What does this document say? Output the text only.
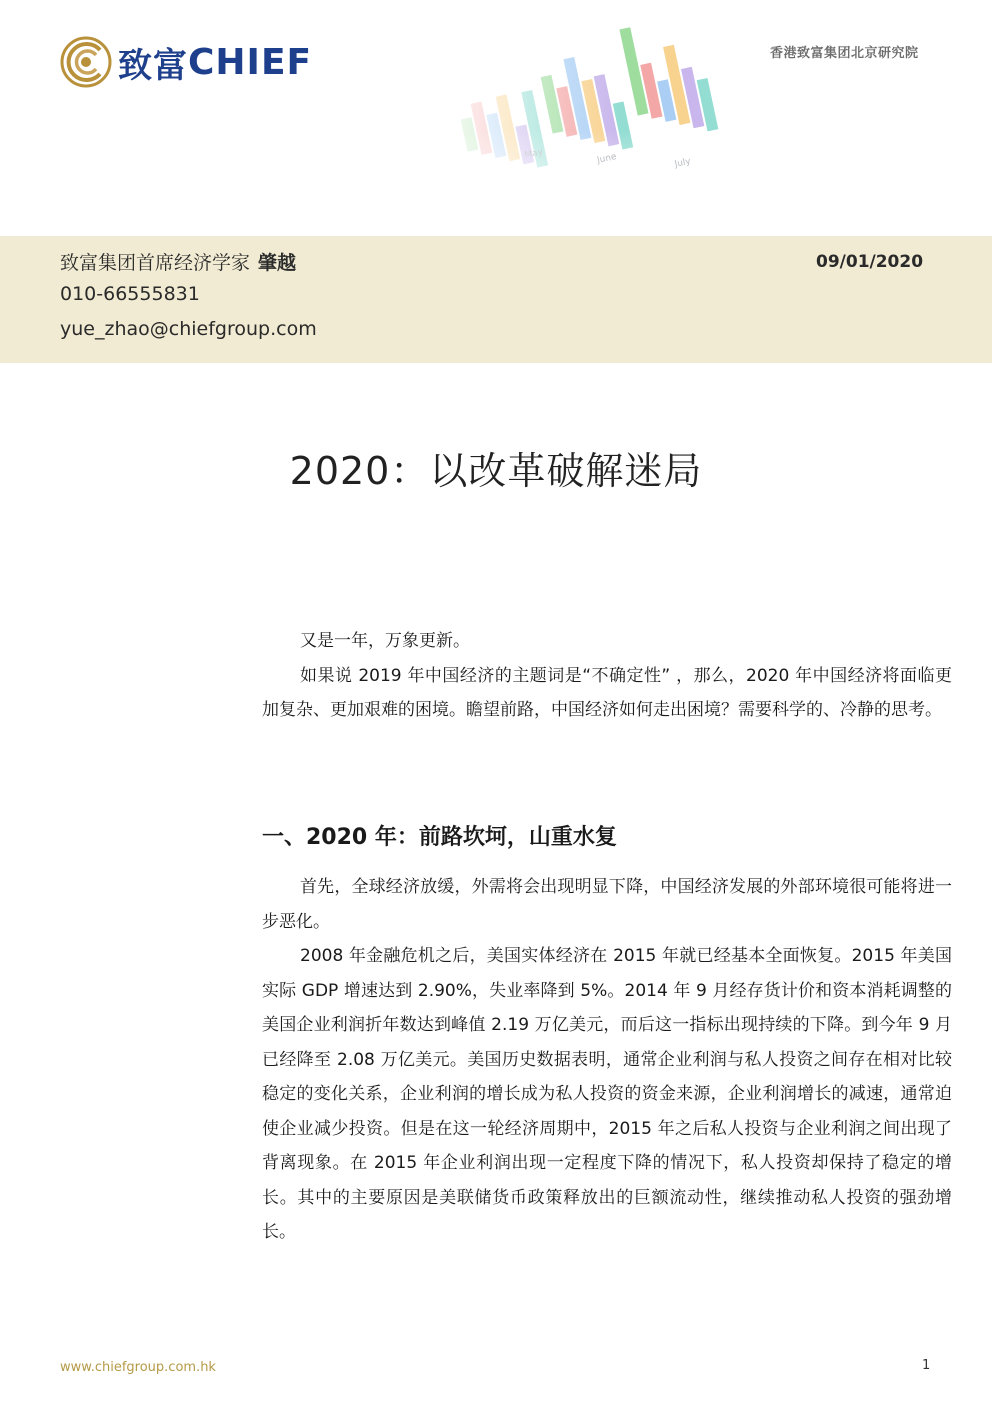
致富 CHIEF	香港致富集团北京研究院
致富集团首席经济学家 肇越
010-66555831
yue_zhao@chiefgroup.com
09/01/2020
2020：以改革破解迷局

又是一年，万象更新。

如果说 2019 年中国经济的主题词是“不确定性” ，那么，2020 年中国经济将面临更加复杂、更加艰难的困境。瞻望前路，中国经济如何走出困境？需要科学的、冷静的思考。

一、2020 年：前路坎坷，山重水复

首先，全球经济放缓，外需将会出现明显下降，中国经济发展的外部环境很可能将进一步恶化。

2008 年金融危机之后，美国实体经济在 2015 年就已经基本全面恢复。2015 年美国实际 GDP 增速达到 2.90%，失业率降到 5%。2014 年 9 月经存货计价和资本消耗调整的美国企业利润折年数达到峰值 2.19 万亿美元，而后这一指标出现持续的下降。到今年 9 月已经降至 2.08 万亿美元。美国历史数据表明，通常企业利润与私人投资之间存在相对比较稳定的变化关系，企业利润的增长成为私人投资的资金来源，企业利润增长的减速，通常迫使企业减少投资。但是在这一轮经济周期中，2015 年之后私人投资与企业利润之间出现了背离现象。在 2015 年企业利润出现一定程度下降的情况下，私人投资却保持了稳定的增长。其中的主要原因是美联储货币政策释放出的巨额流动性，继续推动私人投资的强劲增长。

www.chiefgroup.com.hk	1
